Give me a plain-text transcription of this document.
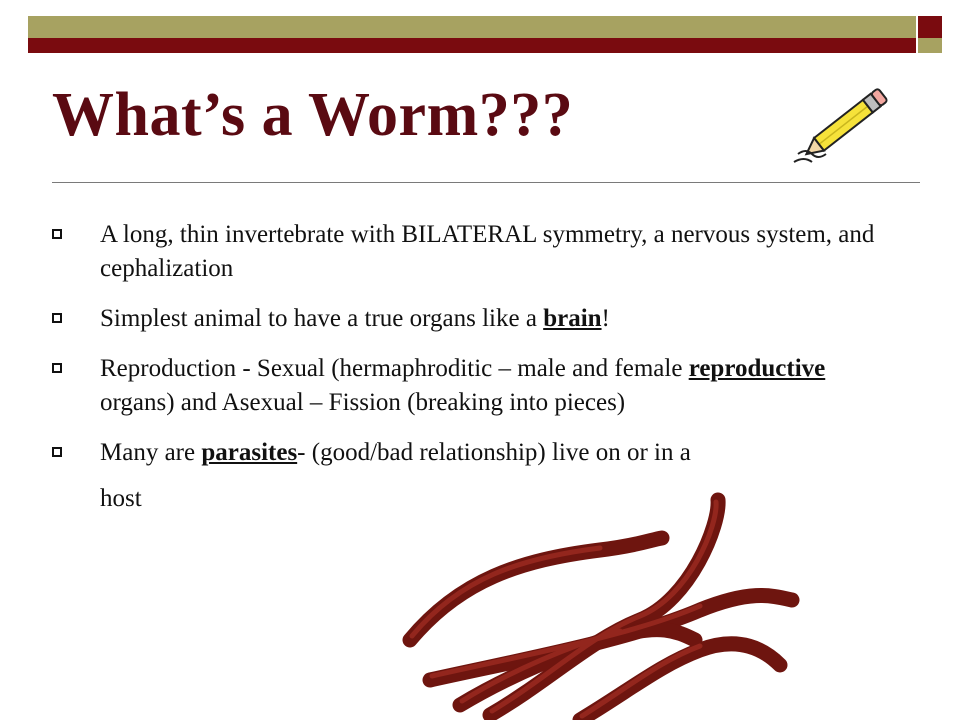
What’s a Worm???
A long, thin invertebrate with BILATERAL symmetry, a nervous system, and cephalization
Simplest animal to have a true organs like a brain!
Reproduction - Sexual (hermaphroditic – male and female reproductive organs) and Asexual – Fission (breaking into pieces)
Many are parasites- (good/bad relationship) live on or in a
host
